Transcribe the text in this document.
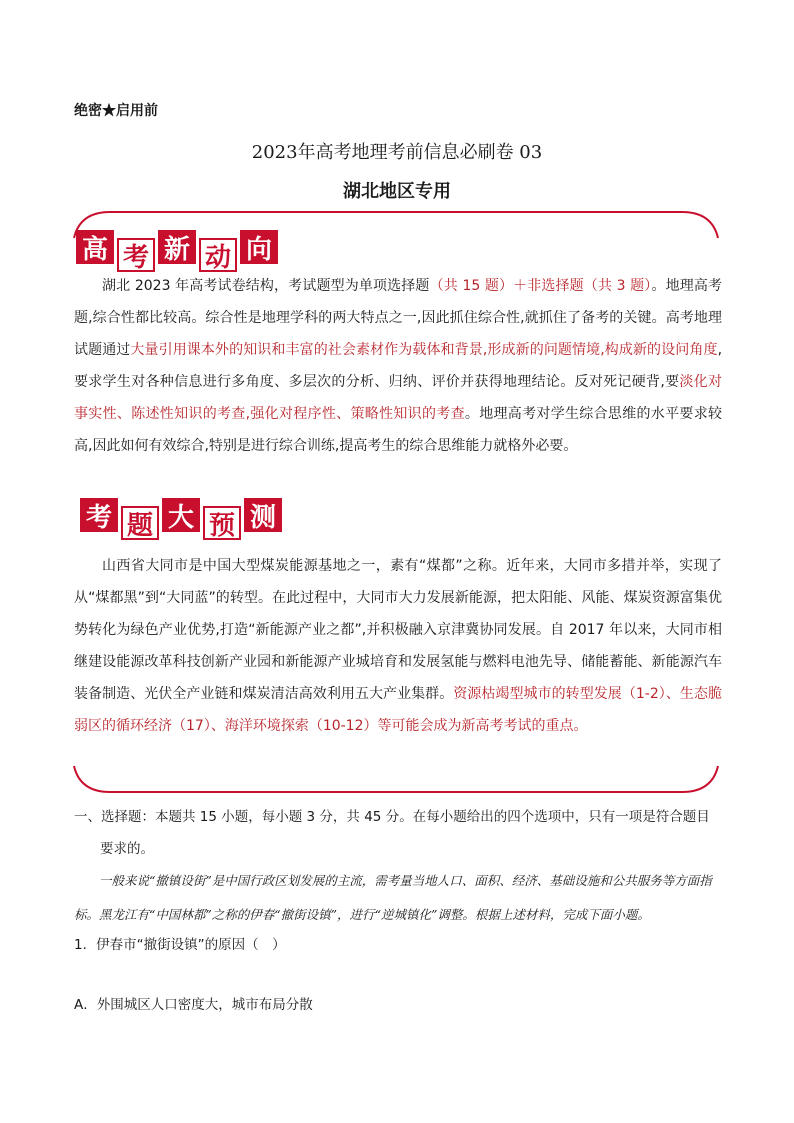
绝密★启用前
2023年高考地理考前信息必刷卷 03
湖北地区专用
高 考 新 动 向
湖北 2023 年高考试卷结构，考试题型为单项选择题（共 15 题）＋非选择题（共 3 题）。地理高考题,综合性都比较高。综合性是地理学科的两大特点之一,因此抓住综合性,就抓住了备考的关键。高考地理试题通过大量引用课本外的知识和丰富的社会素材作为载体和背景,形成新的问题情境,构成新的设问角度,要求学生对各种信息进行多角度、多层次的分析、归纳、评价并获得地理结论。反对死记硬背,要淡化对事实性、陈述性知识的考查,强化对程序性、策略性知识的考查。地理高考对学生综合思维的水平要求较高,因此如何有效综合,特别是进行综合训练,提高考生的综合思维能力就格外必要。
考 题 大 预 测
山西省大同市是中国大型煤炭能源基地之一，素有“煤都”之称。近年来，大同市多措并举，实现了从“煤都黑”到“大同蓝”的转型。在此过程中，大同市大力发展新能源，把太阳能、风能、煤炭资源富集优势转化为绿色产业优势,打造“新能源产业之都”,并积极融入京津冀协同发展。自 2017 年以来，大同市相继建设能源改革科技创新产业园和新能源产业城培育和发展氢能与燃料电池先导、储能蓄能、新能源汽车装备制造、光伏全产业链和煤炭清洁高效利用五大产业集群。资源枯竭型城市的转型发展（1-2）、生态脆弱区的循环经济（17）、海洋环境探索（10-12）等可能会成为新高考考试的重点。
一、选择题：本题共 15 小题，每小题 3 分，共 45 分。在每小题给出的四个选项中，只有一项是符合题目
要求的。
一般来说“撤镇设街”是中国行政区划发展的主流，需考量当地人口、面积、经济、基础设施和公共服务等方面指标。黑龙江有“中国林都”之称的伊春“撤街设镇”，进行“逆城镇化”调整。根据上述材料，完成下面小题。
1．伊春市“撤街设镇”的原因（　）
A．外围城区人口密度大，城市布局分散
